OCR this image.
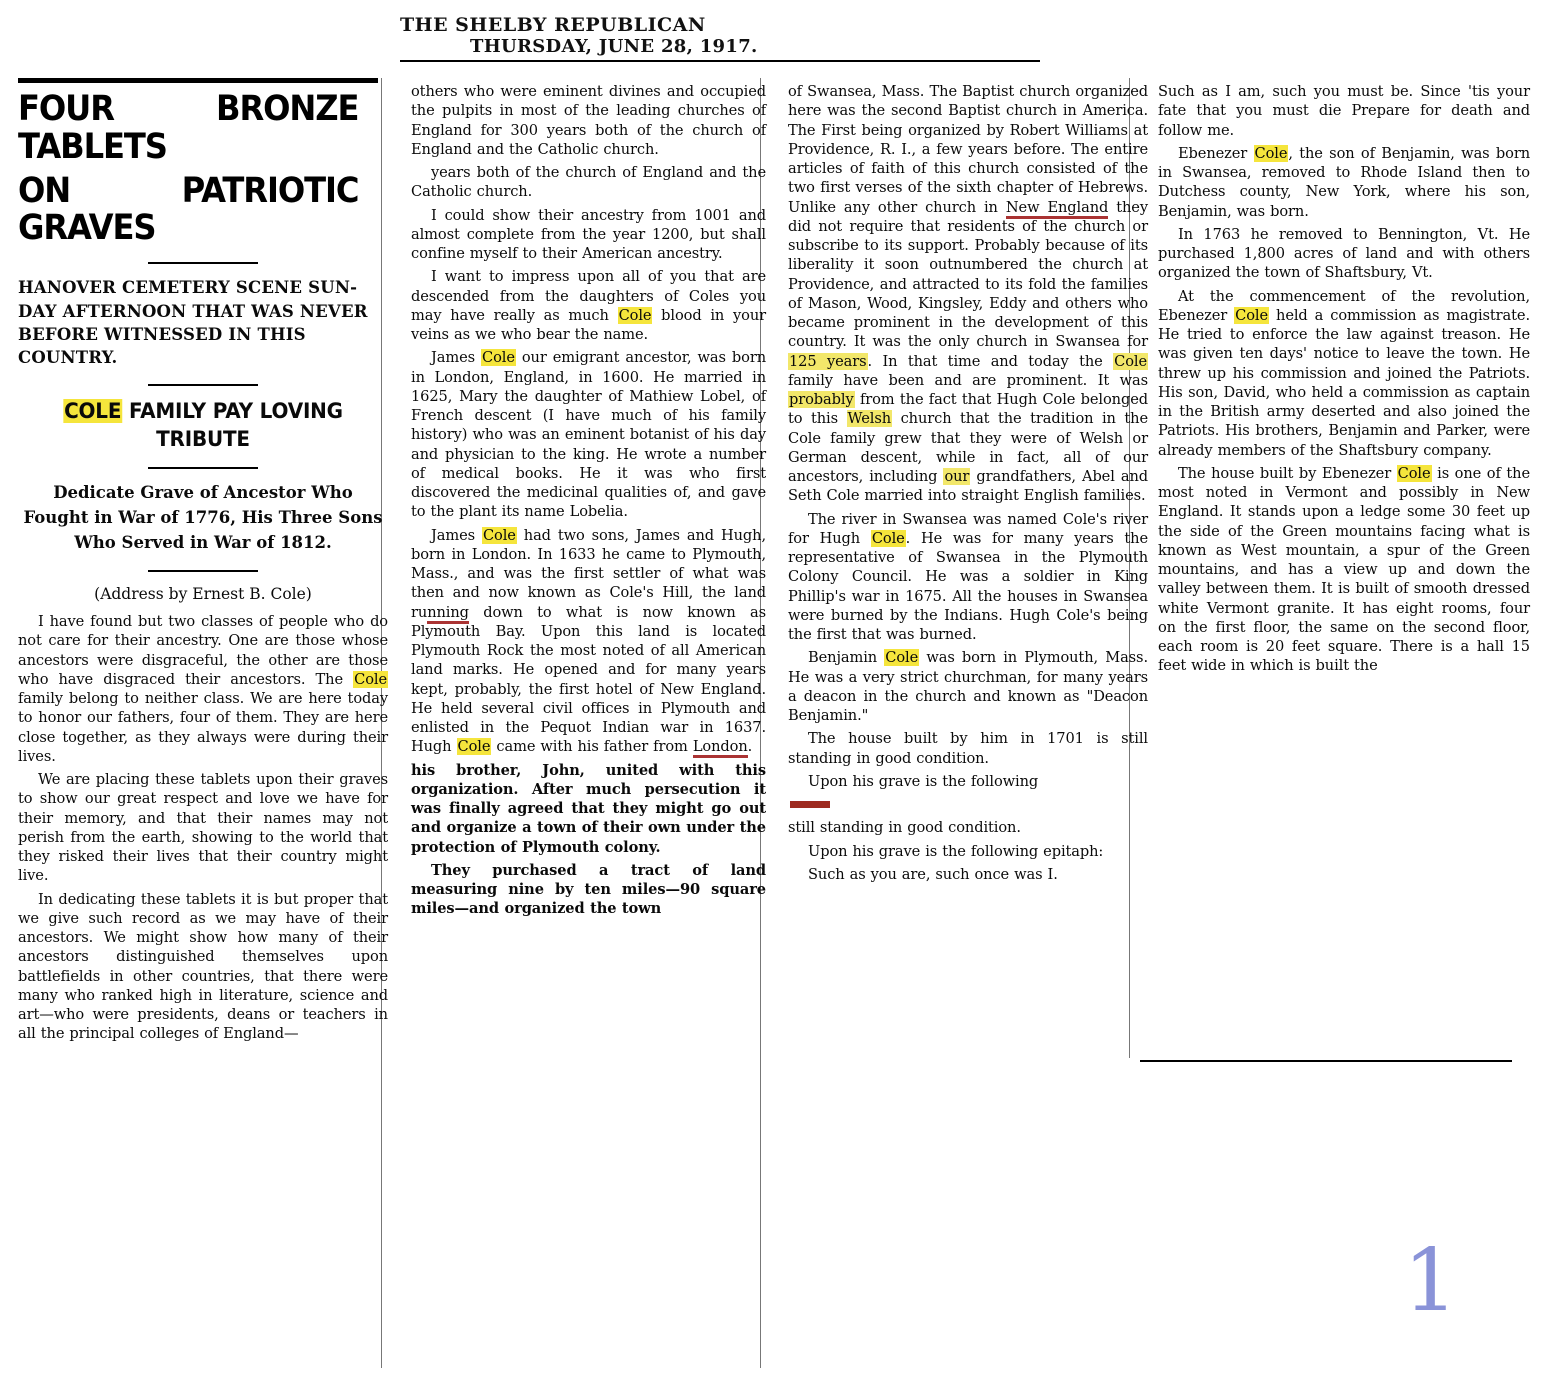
THE SHELBY REPUBLICAN THURSDAY, JUNE 28, 1917.
FOUR BRONZE TABLETS
ON PATRIOTIC GRAVES
HANOVER CEMETERY SCENE SUN-DAY AFTERNOON THAT WAS NEVER BEFORE WITNESSED IN THIS COUNTRY.
COLE FAMILY PAY LOVING TRIBUTE
Dedicate Grave of Ancestor Who Fought in War of 1776, His Three Sons Who Served in War of 1812.
(Address by Ernest B. Cole)

I have found but two classes of people who do not care for their ancestry. One are those whose ancestors were disgraceful, the other are those who have disgraced their ancestors. The Cole family belong to neither class. We are here today to honor our fathers, four of them. They are here close together, as they always were during their lives.

We are placing these tablets upon their graves to show our great respect and love we have for their memory, and that their names may not perish from the earth, showing to the world that they risked their lives that their country might live.

In dedicating these tablets it is but proper that we give such record as we may have of their ancestors. We might show how many of their ancestors distinguished themselves upon battlefields in other countries, that there were many who ranked high in literature, science and art—who were presidents, deans or teachers in all the principal colleges of England—

others who were eminent divines and occupied the pulpits in most of the leading churches of England for 300 years both of the church of England and the Catholic church.

years both of the church of England and the Catholic church.

I could show their ancestry from 1001 and almost complete from the year 1200, but shall confine myself to their American ancestry.

I want to impress upon all of you that are descended from the daughters of Coles you may have really as much Cole blood in your veins as we who bear the name.

James Cole our emigrant ancestor, was born in London, England, in 1600. He married in 1625, Mary the daughter of Mathiew Lobel, of French descent (I have much of his family history) who was an eminent botanist of his day and physician to the king. He wrote a number of medical books. He it was who first discovered the medicinal qualities of, and gave to the plant its name Lobelia.

James Cole had two sons, James and Hugh, born in London. In 1633 he came to Plymouth, Mass., and was the first settler of what was then and now known as Cole's Hill, the land running down to what is now known as Plymouth Bay. Upon this land is located Plymouth Rock the most noted of all American land marks. He opened and for many years kept, probably, the first hotel of New England. He held several civil offices in Plymouth and enlisted in the Pequot Indian war in 1637. Hugh Cole came with his father from London.

his brother, John, united with this organization. After much persecution it was finally agreed that they might go out and organize a town of their own under the protection of Plymouth colony.

They purchased a tract of land measuring nine by ten miles—90 square miles—and organized the town

of Swansea, Mass. The Baptist church organized here was the second Baptist church in America. The First being organized by Robert Williams at Providence, R. I., a few years before. The entire articles of faith of this church consisted of the two first verses of the sixth chapter of Hebrews. Unlike any other church in New England they did not require that residents of the church or subscribe to its support. Probably because of its liberality it soon outnumbered the church at Providence, and attracted to its fold the families of Mason, Wood, Kingsley, Eddy and others who became prominent in the development of this country. It was the only church in Swansea for 125 years. In that time and today the Cole family have been and are prominent. It was probably from the fact that Hugh Cole belonged to this Welsh church that the tradition in the Cole family grew that they were of Welsh or German descent, while in fact, all of our ancestors, including our grandfathers, Abel and Seth Cole married into straight English families.

The river in Swansea was named Cole's river for Hugh Cole. He was for many years the representative of Swansea in the Plymouth Colony Council. He was a soldier in King Phillip's war in 1675. All the houses in Swansea were burned by the Indians. Hugh Cole's being the first that was burned.

Benjamin Cole was born in Plymouth, Mass. He was a very strict churchman, for many years a deacon in the church and known as "Deacon Benjamin."

The house built by him in 1701 is still standing in good condition.

Upon his grave is the following

still standing in good condition.

Upon his grave is the following epitaph:

Such as you are, such once was I.

Such as I am, such you must be. Since 'tis your fate that you must die Prepare for death and follow me.

Ebenezer Cole, the son of Benjamin, was born in Swansea, removed to Rhode Island then to Dutchess county, New York, where his son, Benjamin, was born.

In 1763 he removed to Bennington, Vt. He purchased 1,800 acres of land and with others organized the town of Shaftsbury, Vt.

At the commencement of the revolution, Ebenezer Cole held a commission as magistrate. He tried to enforce the law against treason. He was given ten days' notice to leave the town. He threw up his commission and joined the Patriots. His son, David, who held a commission as captain in the British army deserted and also joined the Patriots. His brothers, Benjamin and Parker, were already members of the Shaftsbury company.

The house built by Ebenezer Cole is one of the most noted in Vermont and possibly in New England. It stands upon a ledge some 30 feet up the side of the Green mountains facing what is known as West mountain, a spur of the Green mountains, and has a view up and down the valley between them. It is built of smooth dressed white Vermont granite. It has eight rooms, four on the first floor, the same on the second floor, each room is 20 feet square. There is a hall 15 feet wide in which is built the

1
